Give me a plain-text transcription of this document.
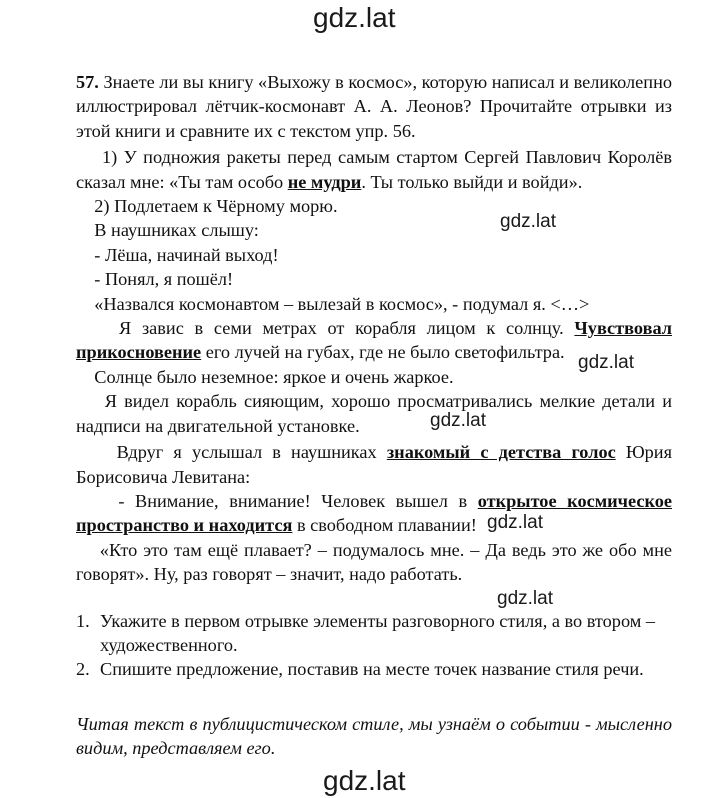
gdz.lat
gdz.lat
gdz.lat
gdz.lat
gdz.lat
gdz.lat
gdz.lat

57. Знаете ли вы книгу «Выхожу в космос», которую написал и великолепно иллюстрировал лётчик-космонавт А. А. Леонов? Прочитайте отрывки из этой книги и сравните их с текстом упр. 56.

1) У подножия ракеты перед самым стартом Сергей Павлович Королёв сказал мне: «Ты там особо не мудри. Ты только выйди и войди».

2) Подлетаем к Чёрному морю.

В наушниках слышу:

- Лёша, начинай выход!

- Понял, я пошёл!

«Назвался космонавтом – вылезай в космос», - подумал я. <…>

Я завис в семи метрах от корабля лицом к солнцу. Чувствовал прикосновение его лучей на губах, где не было светофильтра.

Солнце было неземное: яркое и очень жаркое.

Я видел корабль сияющим, хорошо просматривались мелкие детали и надписи на двигательной установке.

Вдруг я услышал в наушниках знакомый с детства голос Юрия Борисовича Левитана:

- Внимание, внимание! Человек вышел в открытое космическое пространство и находится в свободном плавании!

«Кто это там ещё плавает? – подумалось мне. – Да ведь это же обо мне говорят». Ну, раз говорят – значит, надо работать.

1. Укажите в первом отрывке элементы разговорного стиля, а во втором – художественного.
2. Спишите предложение, поставив на месте точек название стиля речи.

Читая текст в публицистическом стиле, мы узнаём о событии - мысленно видим, представляем его.
